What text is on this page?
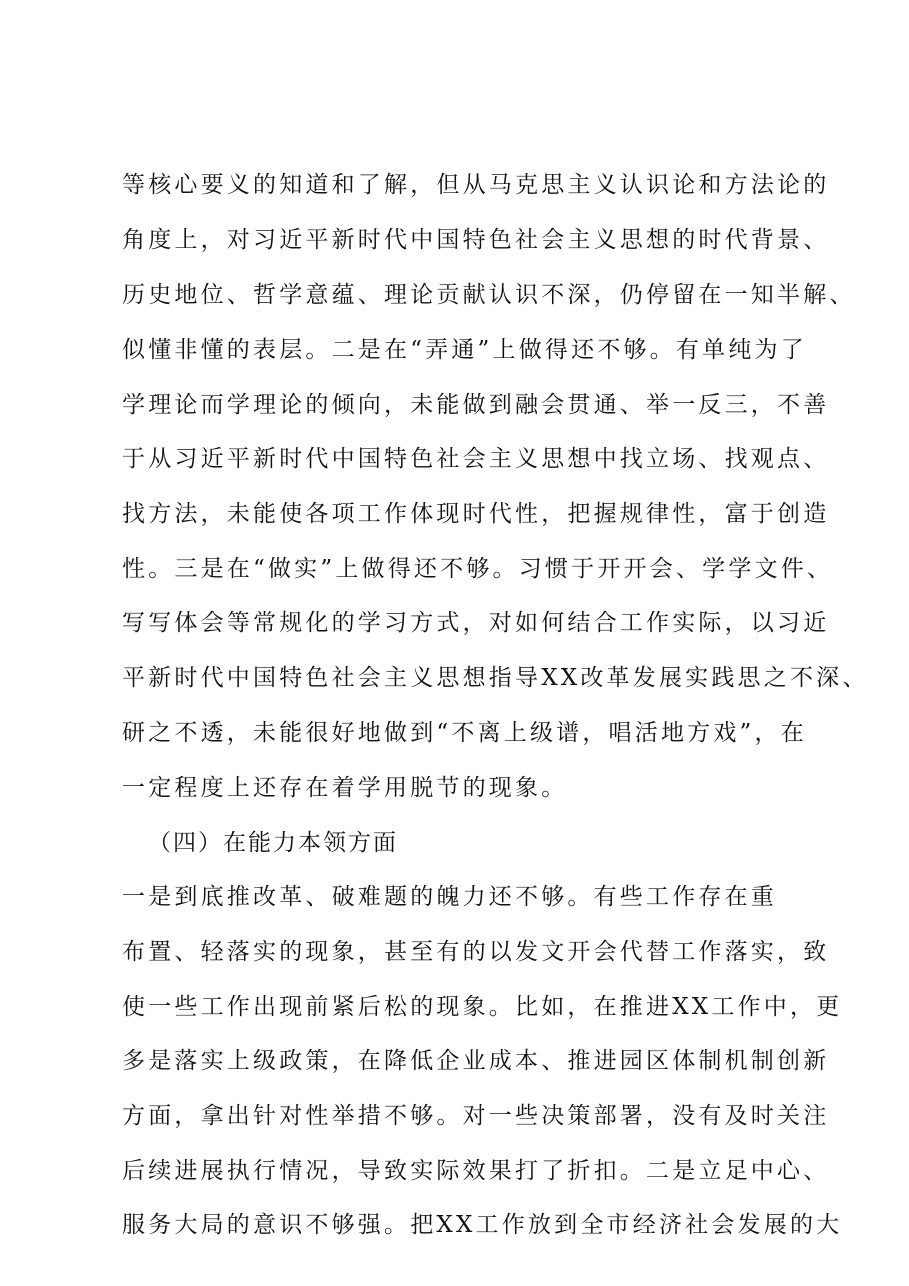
等核心要义的知道和了解，但从马克思主义认识论和方法论的
角度上，对习近平新时代中国特色社会主义思想的时代背景、
历史地位、哲学意蕴、理论贡献认识不深，仍停留在一知半解、
似懂非懂的表层。二是在“弄通”上做得还不够。有单纯为了
学理论而学理论的倾向，未能做到融会贯通、举一反三，不善
于从习近平新时代中国特色社会主义思想中找立场、找观点、
找方法，未能使各项工作体现时代性，把握规律性，富于创造
性。三是在“做实”上做得还不够。习惯于开开会、学学文件、
写写体会等常规化的学习方式，对如何结合工作实际，以习近
平新时代中国特色社会主义思想指导XX改革发展实践思之不深、
研之不透，未能很好地做到“不离上级谱，唱活地方戏”，在
一定程度上还存在着学用脱节的现象。
（四）在能力本领方面
一是到底推改革、破难题的魄力还不够。有些工作存在重
布置、轻落实的现象，甚至有的以发文开会代替工作落实，致
使一些工作出现前紧后松的现象。比如，在推进XX工作中，更
多是落实上级政策，在降低企业成本、推进园区体制机制创新
方面，拿出针对性举措不够。对一些决策部署，没有及时关注
后续进展执行情况，导致实际效果打了折扣。二是立足中心、
服务大局的意识不够强。把XX工作放到全市经济社会发展的大
